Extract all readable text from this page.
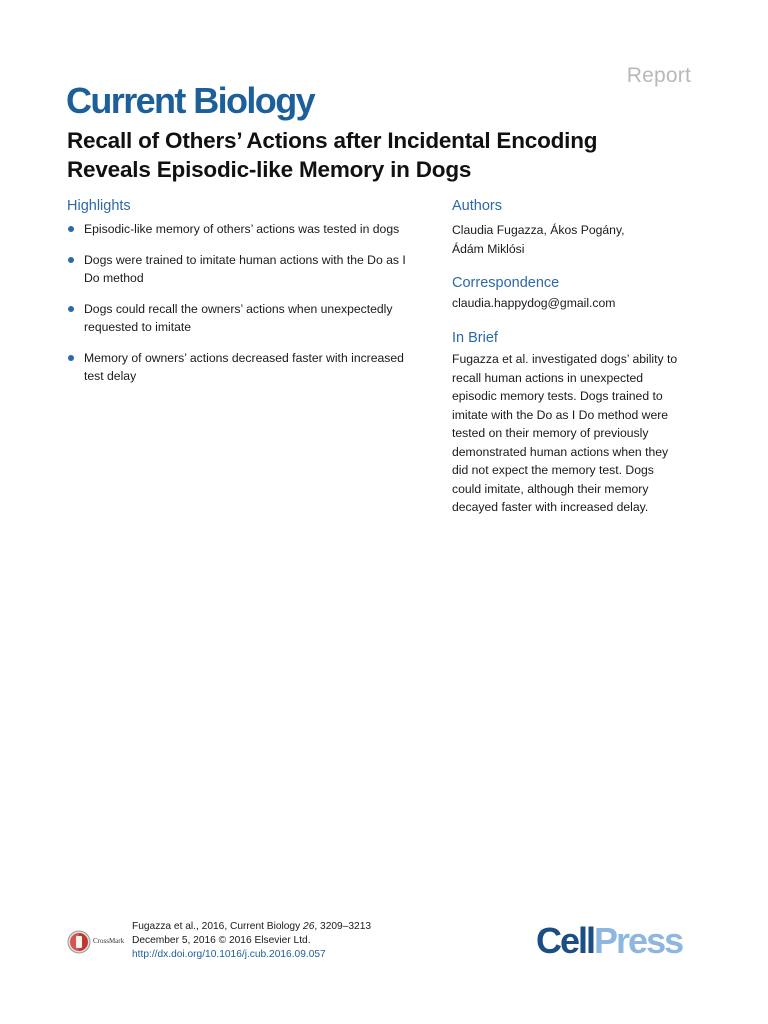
Report
Current Biology
Recall of Others’ Actions after Incidental Encoding
Reveals Episodic-like Memory in Dogs
Highlights
Episodic-like memory of others’ actions was tested in dogs
Dogs were trained to imitate human actions with the Do as I
Do method
Dogs could recall the owners’ actions when unexpectedly
requested to imitate
Memory of owners’ actions decreased faster with increased
test delay
Authors
Claudia Fugazza, Ákos Pogány,
Ádám Miklósi
Correspondence
claudia.happydog@gmail.com
In Brief
Fugazza et al. investigated dogs’ ability to
recall human actions in unexpected
episodic memory tests. Dogs trained to
imitate with the Do as I Do method were
tested on their memory of previously
demonstrated human actions when they
did not expect the memory test. Dogs
could imitate, although their memory
decayed faster with increased delay.
CrossMark
Fugazza et al., 2016, Current Biology 26, 3209–3213
December 5, 2016 © 2016 Elsevier Ltd.
http://dx.doi.org/10.1016/j.cub.2016.09.057	CellPress
